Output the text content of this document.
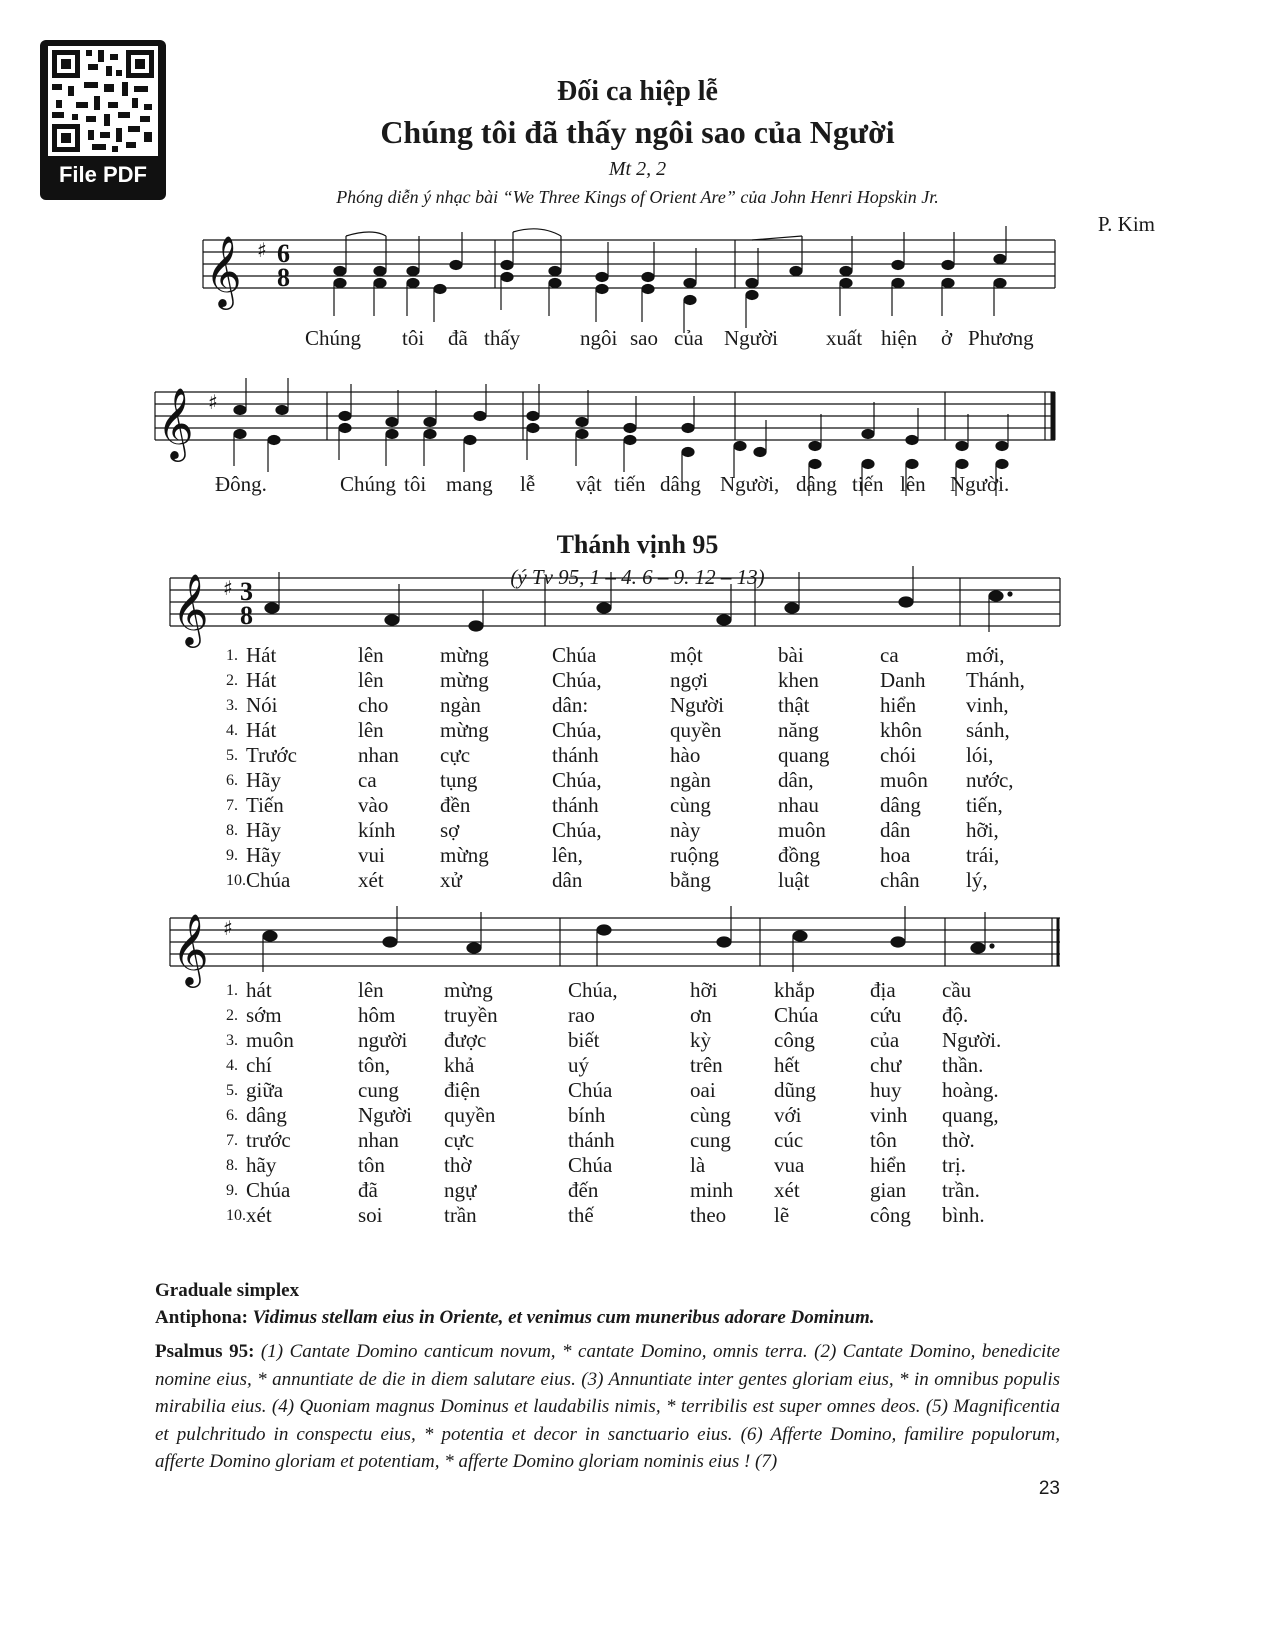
File PDF
Đối ca hiệp lễ
Chúng tôi đã thấy ngôi sao của Người
Mt 2, 2
Phóng diễn ý nhạc bài “We Three Kings of Orient Are” của John Henri Hopskin Jr.
P. Kim
𝄞 ♯
𝄞 ♯
𝄞 ♯
𝄞 ♯
6
8
3
8
Chúng tôi đã thấy	ngôi sao của Người xuất hiện ở Phương
Đông.	Chúng tôi mang lễ vật tiến dâng Người, dâng tiến lên Người.
Thánh vịnh 95
(ý Tv 95, 1 – 4. 6 – 9. 12 – 13)
1.	Hát	lên	mừng	Chúa	một	bài	ca	mới,
2.	Hát	lên	mừng	Chúa,	ngợi	khen	Danh	Thánh,
3.	Nói	cho	ngàn	dân:	Người	thật	hiển	vinh,
4.	Hát	lên	mừng	Chúa,	quyền	năng	khôn	sánh,
5.	Trước	nhan	cực	thánh	hào	quang	chói	lói,
6.	Hãy	ca	tụng	Chúa,	ngàn	dân,	muôn	nước,
7.	Tiến	vào	đền	thánh	cùng	nhau	dâng	tiến,
8.	Hãy	kính	sợ	Chúa,	này	muôn	dân	hỡi,
9.	Hãy	vui	mừng	lên,	ruộng	đồng	hoa	trái,
10.	Chúa	xét	xử	dân	bằng	luật	chân	lý,
1.	hát	lên	mừng	Chúa,	hỡi	khắp	địa	cầu
2.	sớm	hôm	truyền	rao	ơn	Chúa	cứu	độ.
3.	muôn	người	được	biết	kỳ	công	của	Người.
4.	chí	tôn,	khả	uý	trên	hết	chư	thần.
5.	giữa	cung	điện	Chúa	oai	dũng	huy	hoàng.
6.	dâng	Người	quyền	bính	cùng	với	vinh	quang,
7.	trước	nhan	cực	thánh	cung	cúc	tôn	thờ.
8.	hãy	tôn	thờ	Chúa	là	vua	hiển	trị.
9.	Chúa	đã	ngự	đến	minh	xét	gian	trần.
10.	xét	soi	trần	thế	theo	lẽ	công	bình.
Graduale simplex
Antiphona: Vidimus stellam eius in Oriente, et venimus cum muneribus adorare Dominum.
Psalmus 95: (1) Cantate Domino canticum novum, * cantate Domino, omnis terra. (2) Cantate Domino, benedicite nomine eius, * annuntiate de die in diem salutare eius. (3) Annuntiate inter gentes gloriam eius, * in omnibus populis mirabilia eius. (4) Quoniam magnus Dominus et laudabilis nimis, * terribilis est super omnes deos. (5) Magnificentia et pulchritudo in conspectu eius, * potentia et decor in sanctuario eius. (6) Afferte Domino, familire populorum, afferte Domino gloriam et potentiam, * afferte Domino gloriam nominis eius ! (7)
23
